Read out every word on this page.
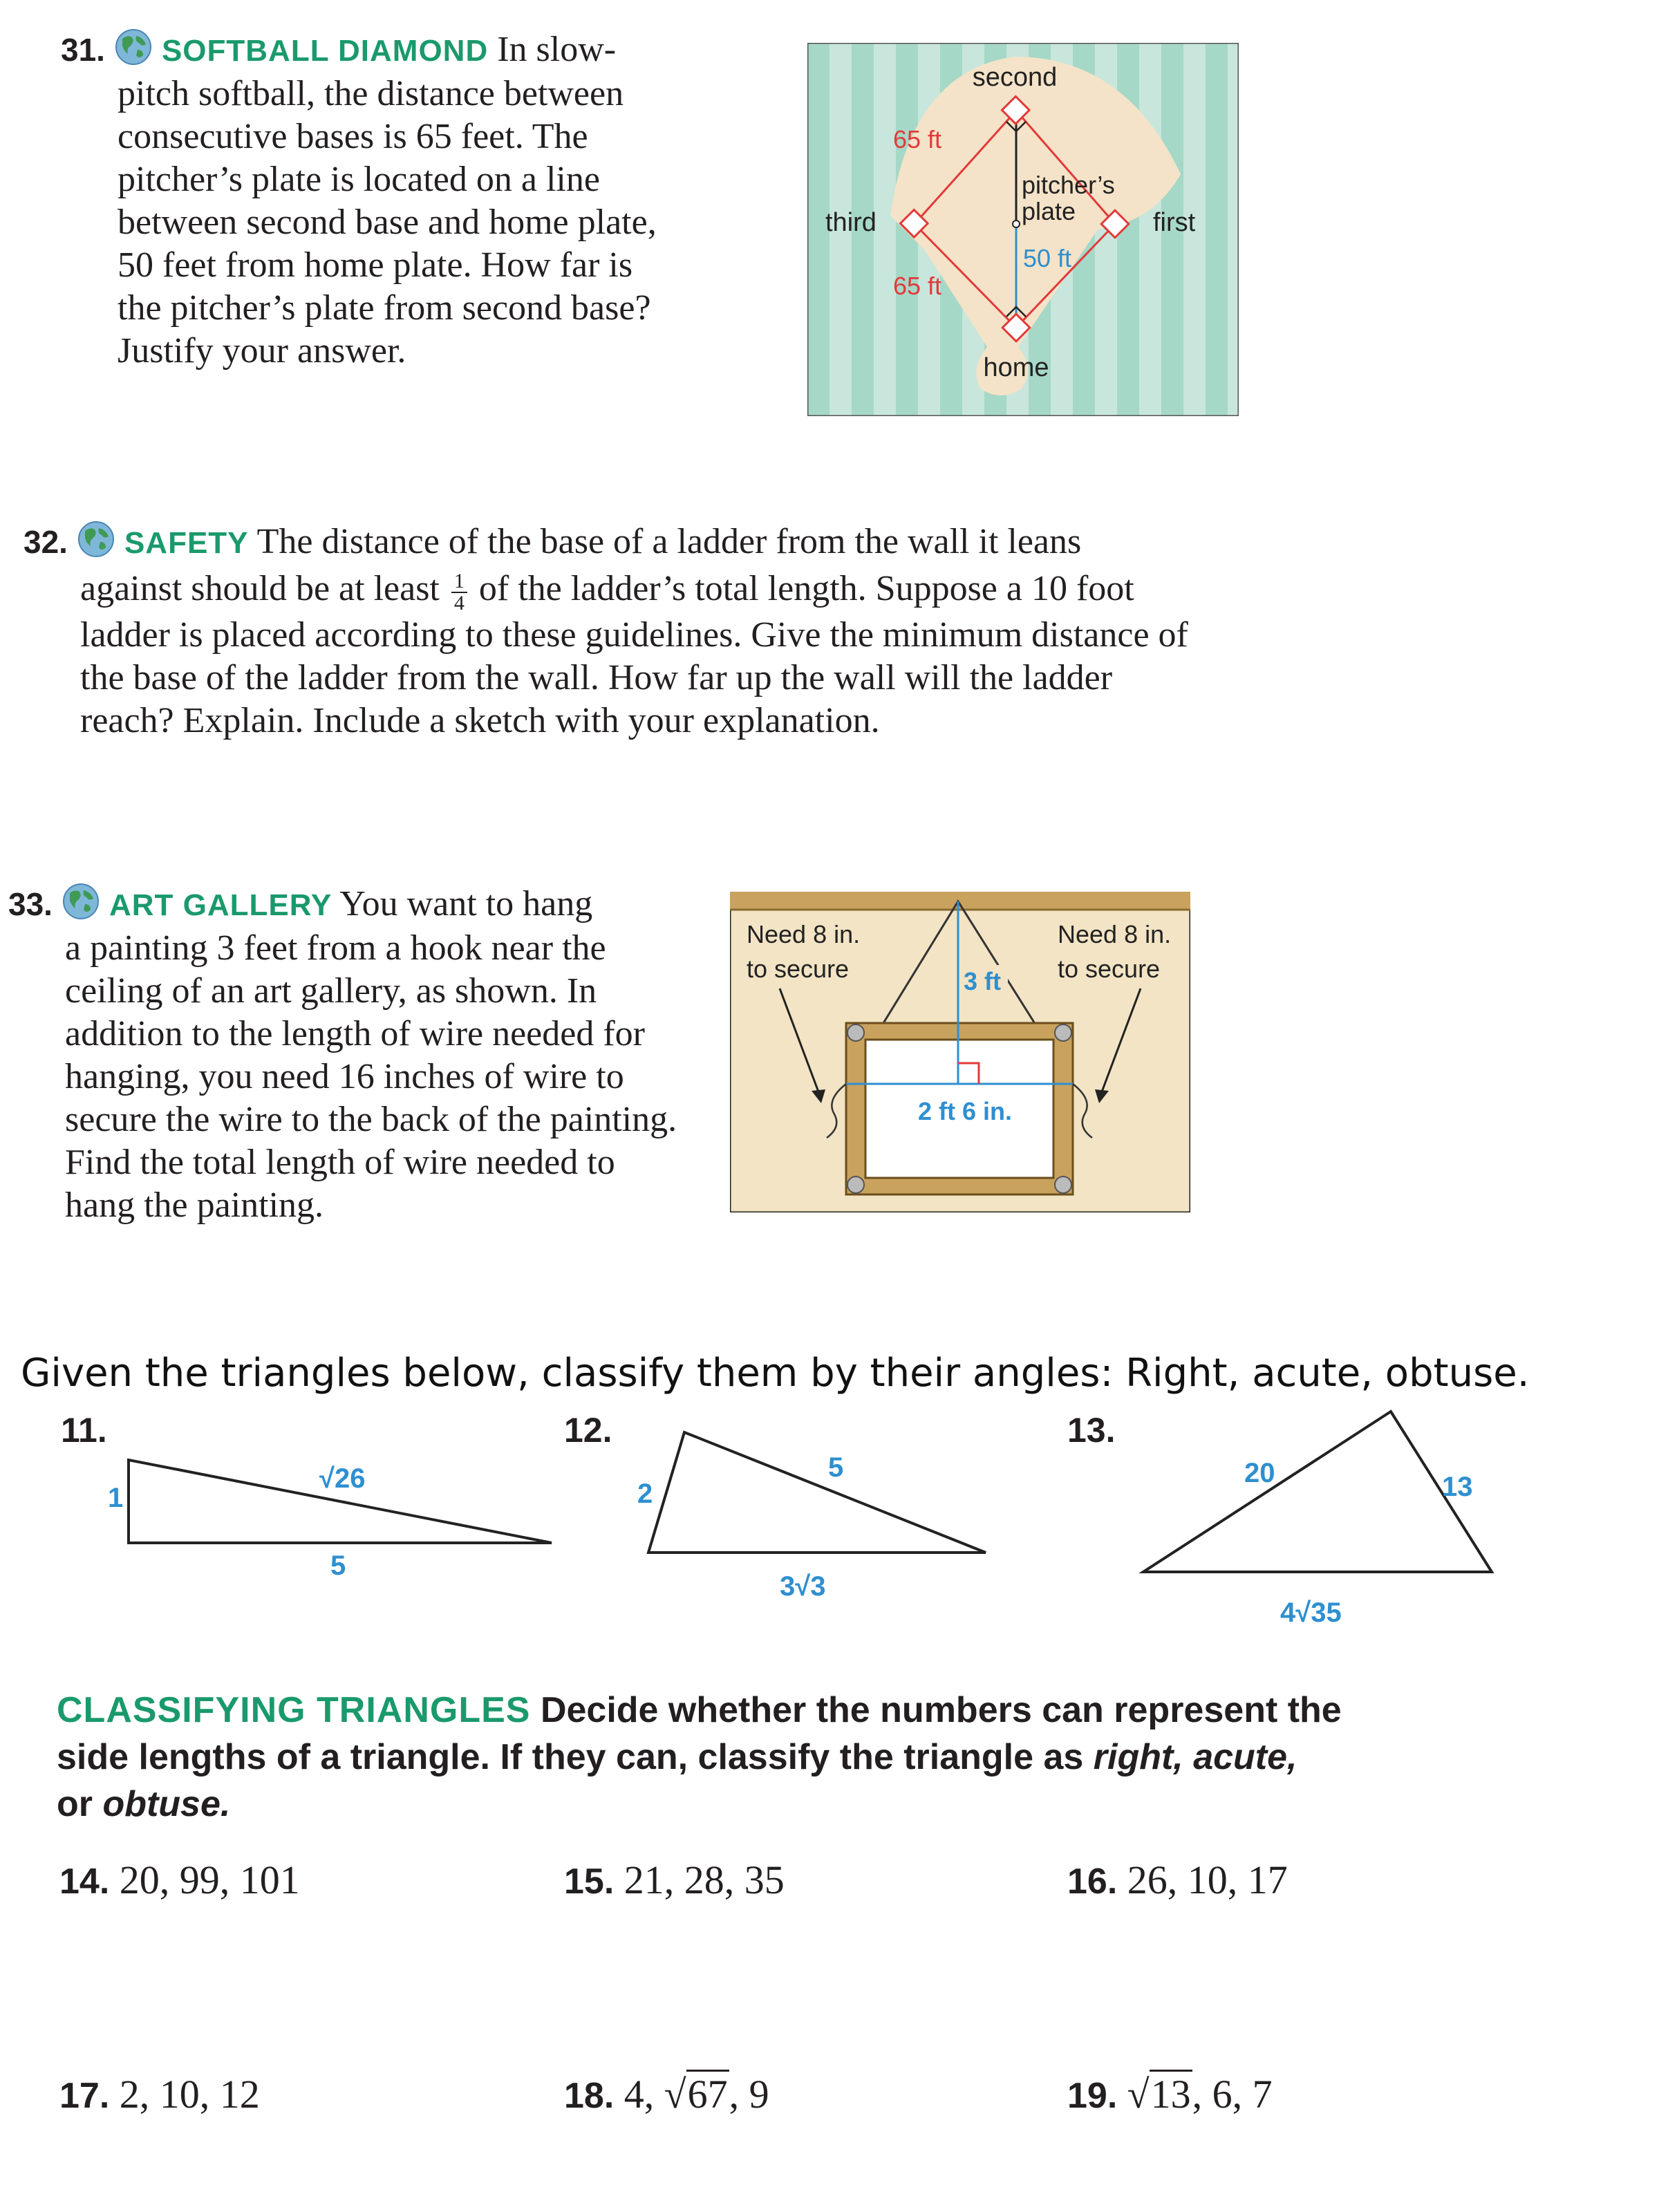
31. SOFTBALL DIAMOND In slow-
pitch softball, the distance between
consecutive bases is 65 feet. The
pitcher’s plate is located on a line
between second base and home plate,
50 feet from home plate. How far is
the pitcher’s plate from second base?
Justify your answer.
second
third	first
home
pitcher’s
plate
65 ft
65 ft
50 ft
32. SAFETY The distance of the base of a ladder from the wall it leans
against should be at least $\frac{1}{4}$ of the ladder’s total length. Suppose a 10 foot
ladder is placed according to these guidelines. Give the minimum distance of
the base of the ladder from the wall. How far up the wall will the ladder
reach? Explain. Include a sketch with your explanation.
33. ART GALLERY You want to hang
a painting 3 feet from a hook near the
ceiling of an art gallery, as shown. In
addition to the length of wire needed for
hanging, you need 16 inches of wire to
secure the wire to the back of the painting.
Find the total length of wire needed to
hang the painting.
Need 8 in.
to secure
Need 8 in.
to secure
3 ft
2 ft 6 in.
Given the triangles below, classify them by their angles: Right, acute, obtuse.
11.
√26
1
5
12.
2
5
3√3
13.
20	13
4√35
CLASSIFYING TRIANGLES Decide whether the numbers can represent the
side lengths of a triangle. If they can, classify the triangle as right, acute,
or obtuse.
14. 20, 99, 101	15. 21, 28, 35	16. 26, 10, 17
17. 2, 10, 12	18. 4, √67, 9	19. √13, 6, 7
